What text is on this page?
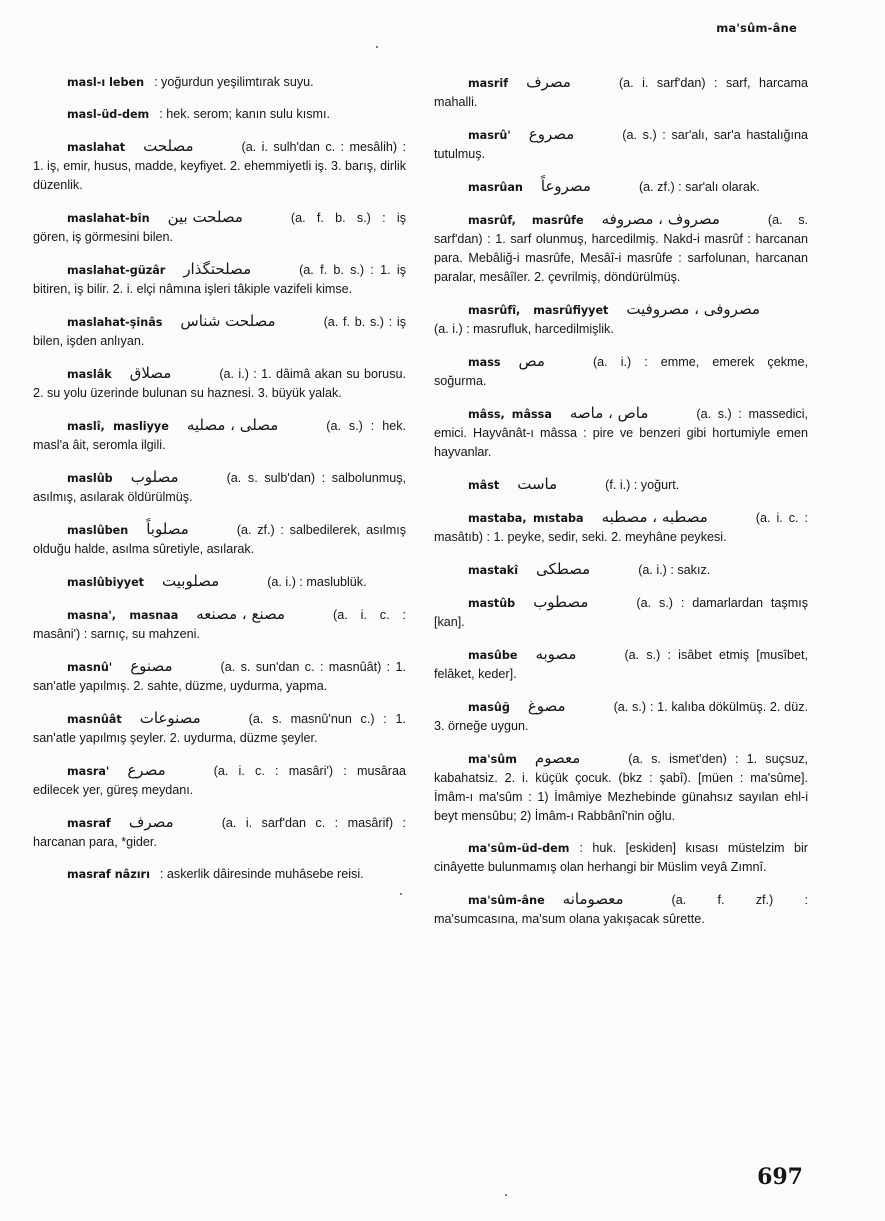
ma'sûm-âne
masl-ı leben : yoğurdun yeşilimtırak suyu.
masl-üd-dem : hek. serom; kanın sulu kısmı.
maslahat مصلحت	(a. i. sulh'dan c. : mesâlih) : 1. iş, emir, husus, madde, keyfiyet. 2. ehemmiyetli iş. 3. barış, dirlik düzenlik.
maslahat-bîn مصلحت بين	(a. f. b. s.) : iş gören, iş görmesini bilen.
maslahat-güzâr مصلحتگذار	(a. f. b. s.) : 1. iş bitiren, iş bilir. 2. i. elçi nâmına işleri tâkiple vazifeli kimse.
maslahat-şinâs مصلحت شناس	(a. f. b. s.) : iş bilen, işden anlıyan.
maslâk مصلاق	(a. i.) : 1. dâimâ akan su borusu. 2. su yolu üzerinde bulunan su haznesi. 3. büyük yalak.
maslî, masliyye مصلى ، مصليه	(a. s.) : hek. masl'a âit, seromla ilgili.
maslûb مصلوب	(a. s. sulb'dan) : salbolunmuş, asılmış, asılarak öldürülmüş.
maslûben مصلوباً	(a. zf.) : salbedilerek, asılmış olduğu halde, asılma sûretiyle, asılarak.
maslûbiyyet مصلوبيت	(a. i.) : maslublük.
masna', masnaa مصنع ، مصنعه	(a. i. c. : masâni') : sarnıç, su mahzeni.
masnû' مصنوع	(a. s. sun'dan c. : masnûât) : 1. san'atle yapılmış. 2. sahte, düzme, uydurma, yapma.
masnûât مصنوعات	(a. s. masnû'nun c.) : 1. san'atle yapılmış şeyler. 2. uydurma, düzme şeyler.
masra' مصرع	(a. i. c. : masâri') : musâraa edilecek yer, güreş meydanı.
masraf مصرف	(a. i. sarf'dan c. : masârif) : harcanan para, *gider.
masraf nâzırı : askerlik dâiresinde muhâsebe reisi.
masrif مصرف	(a. i. sarf'dan) : sarf, harcama mahalli.
masrû' مصروع	(a. s.) : sar'alı, sar'a hastalığına tutulmuş.
masrûan مصروعاً	(a. zf.) : sar'alı olarak.
masrûf, masrûfe مصروف ، مصروفه	(a. s. sarf'dan) : 1. sarf olunmuş, harcedilmiş. Nakd-i masrûf : harcanan para. Mebâliğ-i masrûfe, Mesâî-i masrûfe : sarfolunan, harcanan paralar, mesâîler. 2. çevrilmiş, döndürülmüş.
masrûfî, masrûfiyyet مصروفى ، مصروفيت(a. i.) : masrufluk, harcedilmişlik.
mass مص	(a. i.) : emme, emerek çekme, soğurma.
mâss, mâssa ماص ، ماصه	(a. s.) : massedici, emici. Hayvânât-ı mâssa : pire ve benzeri gibi hortumiyle emen hayvanlar.
mâst ماست	(f. i.) : yoğurt.
mastaba, mıstaba مصطبه ، مصطبه	(a. i. c. : masâtıb) : 1. peyke, sedir, seki. 2. meyhâne peykesi.
mastakî مصطكى	(a. i.) : sakız.
mastûb مصطوب	(a. s.) : damarlardan taşmış [kan].
masûbe مصوبه	(a. s.) : isâbet etmiş [musîbet, felâket, keder].
masûğ مصوغ	(a. s.) : 1. kalıba dökülmüş. 2. düz. 3. örneğe uygun.
ma'sûm معصوم	(a. s. ismet'den) : 1. suçsuz, kabahatsiz. 2. i. küçük çocuk. (bkz : şabî). [müen : ma'sûme]. İmâm-ı ma'sûm : 1) İmâmiye Mezhebinde günahsız sayılan ehl-i beyt mensûbu; 2) İmâm-ı Rabbânî'nin oğlu.
ma'sûm-üd-dem : huk. [eskiden] kısası müstelzim bir cinâyette bulunmamış olan herhangi bir Müslim veyâ Zımnî.
ma'sûm-âne معصومانه	(a. f. zf.) : ma'sumcasına, ma'sum olana yakışacak sûrette.
697
